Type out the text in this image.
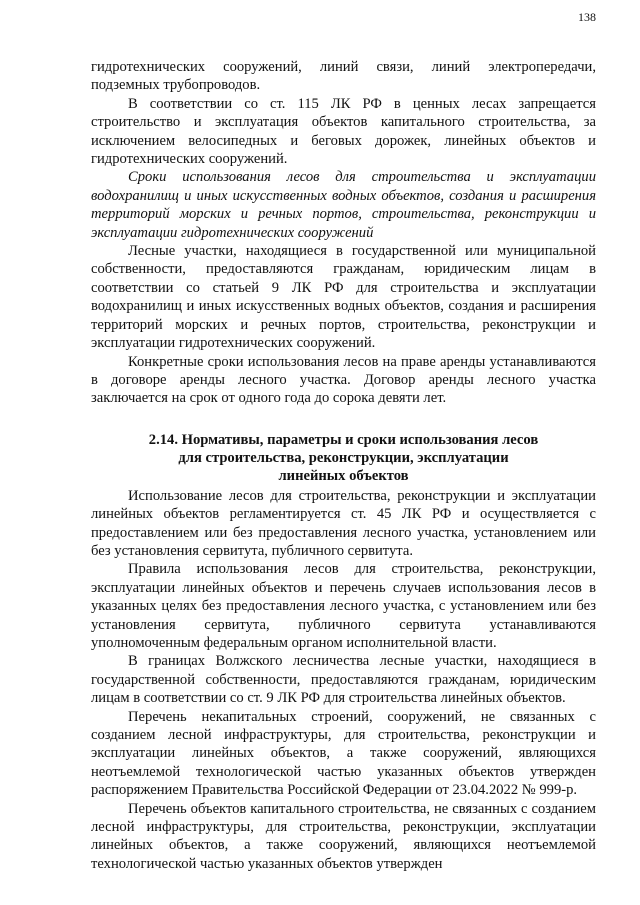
138

гидротехнических сооружений, линий связи, линий электропередачи, подземных трубопроводов.

В соответствии со ст. 115 ЛК РФ в ценных лесах запрещается строительство и эксплуатация объектов капитального строительства, за исключением велосипедных и беговых дорожек, линейных объектов и гидротехнических сооружений.

Сроки использования лесов для строительства и эксплуатации водохранилищ и иных искусственных водных объектов, создания и расширения территорий морских и речных портов, строительства, реконструкции и эксплуатации гидротехнических сооружений

Лесные участки, находящиеся в государственной или муниципальной собственности, предоставляются гражданам, юридическим лицам в соответствии со статьей 9 ЛК РФ для строительства и эксплуатации водохранилищ и иных искусственных водных объектов, создания и расширения территорий морских и речных портов, строительства, реконструкции и эксплуатации гидротехнических сооружений.

Конкретные сроки использования лесов на праве аренды устанавливаются в договоре аренды лесного участка. Договор аренды лесного участка заключается на срок от одного года до сорока девяти лет.

2.14. Нормативы, параметры и сроки использования лесов
для строительства, реконструкции, эксплуатации
линейных объектов

Использование лесов для строительства, реконструкции и эксплуатации линейных объектов регламентируется ст. 45 ЛК РФ и осуществляется с предоставлением или без предоставления лесного участка, установлением или без установления сервитута, публичного сервитута.

Правила использования лесов для строительства, реконструкции, эксплуатации линейных объектов и перечень случаев использования лесов в указанных целях без предоставления лесного участка, с установлением или без установления сервитута, публичного сервитута устанавливаются уполномоченным федеральным органом исполнительной власти.

В границах Волжского лесничества лесные участки, находящиеся в государственной собственности, предоставляются гражданам, юридическим лицам в соответствии со ст. 9 ЛК РФ для строительства линейных объектов.

Перечень некапитальных строений, сооружений, не связанных с созданием лесной инфраструктуры, для строительства, реконструкции и эксплуатации линейных объектов, а также сооружений, являющихся неотъемлемой технологической частью указанных объектов утвержден распоряжением Правительства Российской Федерации от 23.04.2022 № 999-р.

Перечень объектов капитального строительства, не связанных с созданием лесной инфраструктуры, для строительства, реконструкции, эксплуатации линейных объектов, а также сооружений, являющихся неотъемлемой технологической частью указанных объектов утвержден
